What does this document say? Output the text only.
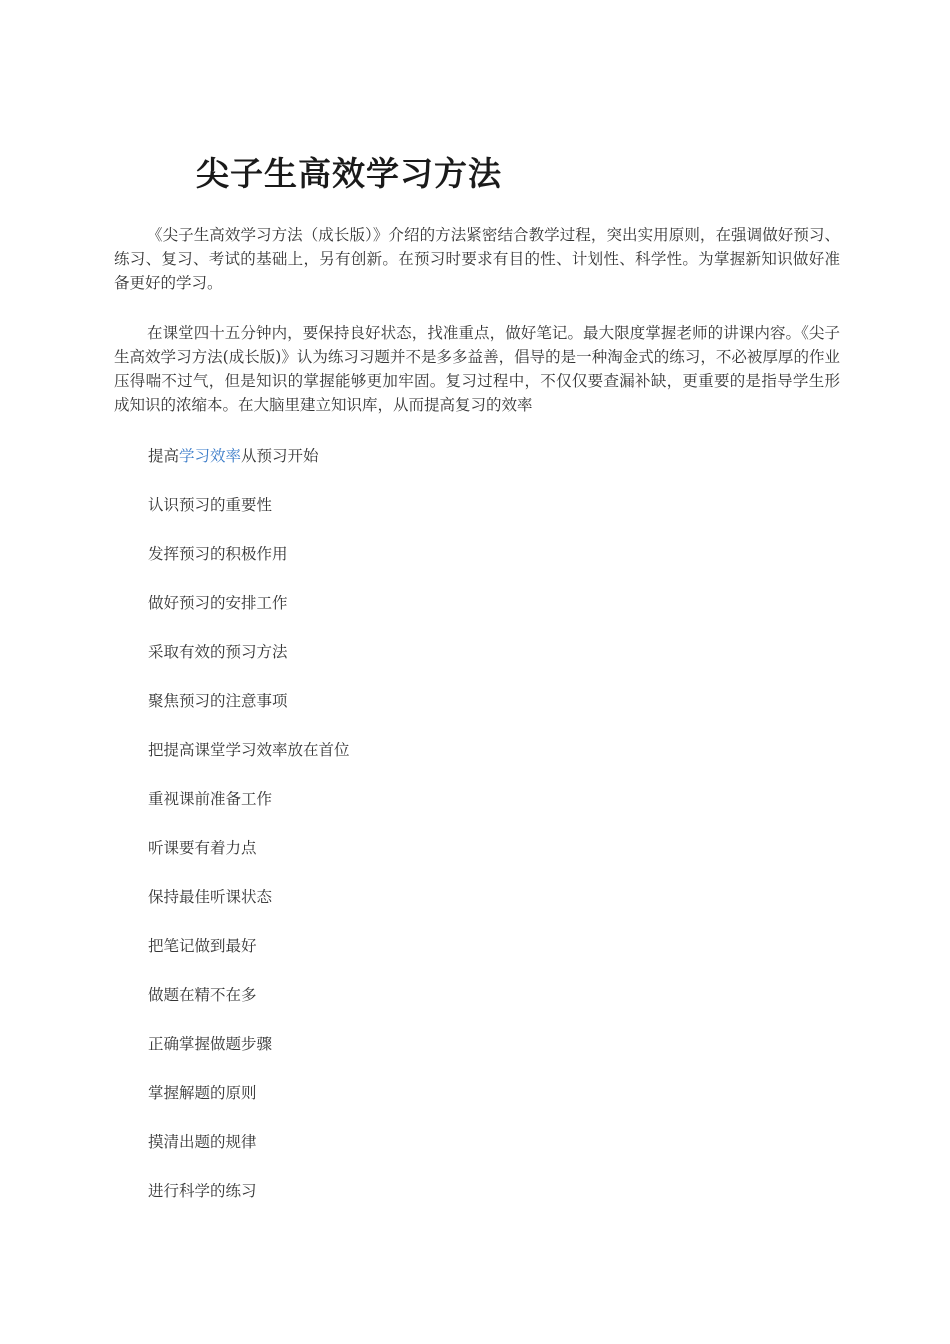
尖子生高效学习方法

《尖子生高效学习方法（成长版）》介绍的方法紧密结合教学过程，突出实用原则，在强调做好预习、练习、复习、考试的基础上，另有创新。在预习时要求有目的性、计划性、科学性。为掌握新知识做好准备更好的学习。

在课堂四十五分钟内，要保持良好状态，找准重点，做好笔记。最大限度掌握老师的讲课内容。《尖子生高效学习方法(成长版)》认为练习习题并不是多多益善，倡导的是一种淘金式的练习，不必被厚厚的作业压得喘不过气，但是知识的掌握能够更加牢固。复习过程中，不仅仅要查漏补缺，更重要的是指导学生形成知识的浓缩本。在大脑里建立知识库，从而提高复习的效率

提高学习效率从预习开始
认识预习的重要性
发挥预习的积极作用
做好预习的安排工作
采取有效的预习方法
聚焦预习的注意事项
把提高课堂学习效率放在首位
重视课前准备工作
听课要有着力点
保持最佳听课状态
把笔记做到最好
做题在精不在多
正确掌握做题步骤
掌握解题的原则
摸清出题的规律
进行科学的练习
